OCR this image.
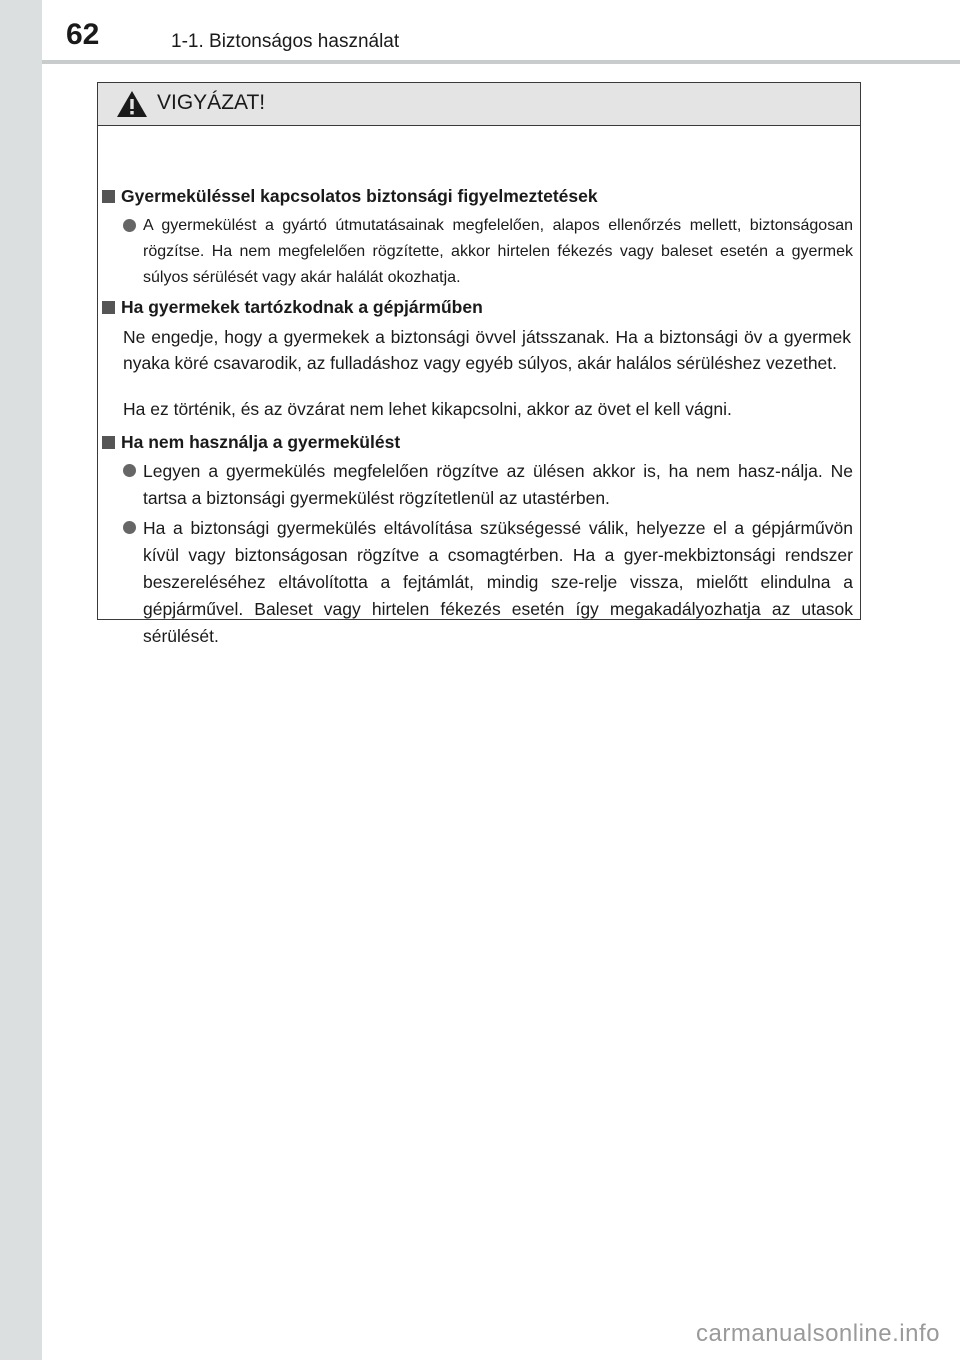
62	1-1. Biztonságos használat
VIGYÁZAT!
Gyermeküléssel kapcsolatos biztonsági figyelmeztetések
A gyermekülést a gyártó útmutatásainak megfelelően, alapos ellenőrzés mellett, biztonságosan rögzítse. Ha nem megfelelően rögzítette, akkor hirtelen fékezés vagy baleset esetén a gyermek súlyos sérülését vagy akár halálát okozhatja.
Ha gyermekek tartózkodnak a gépjárműben
Ne engedje, hogy a gyermekek a biztonsági övvel játsszanak. Ha a biztonsági öv a gyermek nyaka köré csavarodik, az fulladáshoz vagy egyéb súlyos, akár halálos sérüléshez vezethet.
Ha ez történik, és az övzárat nem lehet kikapcsolni, akkor az övet el kell vágni.
Ha nem használja a gyermekülést
Legyen a gyermekülés megfelelően rögzítve az ülésen akkor is, ha nem hasz-nálja. Ne tartsa a biztonsági gyermekülést rögzítetlenül az utastérben.
Ha a biztonsági gyermekülés eltávolítása szükségessé válik, helyezze el a gépjárművön kívül vagy biztonságosan rögzítve a csomagtérben. Ha a gyer-mekbiztonsági rendszer beszereléséhez eltávolította a fejtámlát, mindig sze-relje vissza, mielőtt elindulna a gépjárművel. Baleset vagy hirtelen fékezés esetén így megakadályozhatja az utasok sérülését.
carmanualsonline.info
